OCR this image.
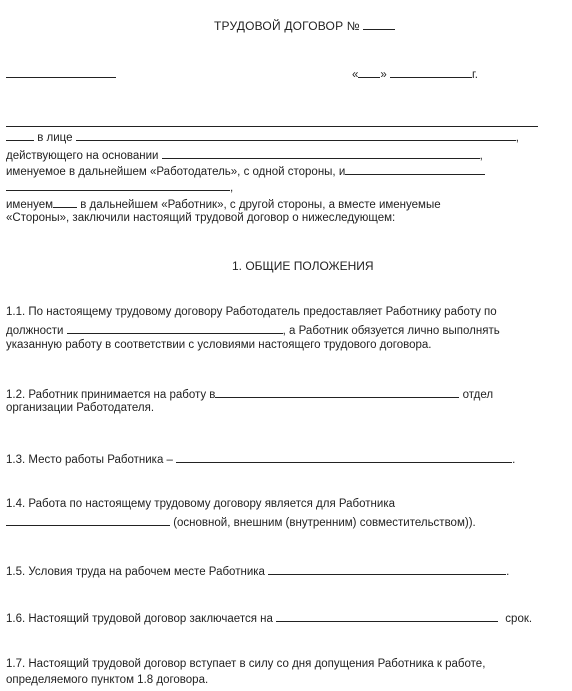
ТРУДОВОЙ ДОГОВОР №
« »	г.
в лице	,
действующего на основании	,
именуемое в дальнейшем «Работодатель», с одной стороны, и
,
именуем в дальнейшем «Работник», с другой стороны, а вместе именуемые
«Стороны», заключили настоящий трудовой договор о нижеследующем:
1. ОБЩИЕ ПОЛОЖЕНИЯ
1.1. По настоящему трудовому договору Работодатель предоставляет Работнику работу по
должности	, а Работник обязуется лично выполнять
указанную работу в соответствии с условиями настоящего трудового договора.
1.2. Работник принимается на работу в	отдел
организации Работодателя.
1.3. Место работы Работника –	.
1.4. Работа по настоящему трудовому договору является для Работника
(основной, внешним (внутренним) совместительством)).
1.5. Условия труда на рабочем месте Работника	.
1.6. Настоящий трудовой договор заключается на	срок.
1.7. Настоящий трудовой договор вступает в силу со дня допущения Работника к работе,
определяемого пунктом 1.8 договора.
